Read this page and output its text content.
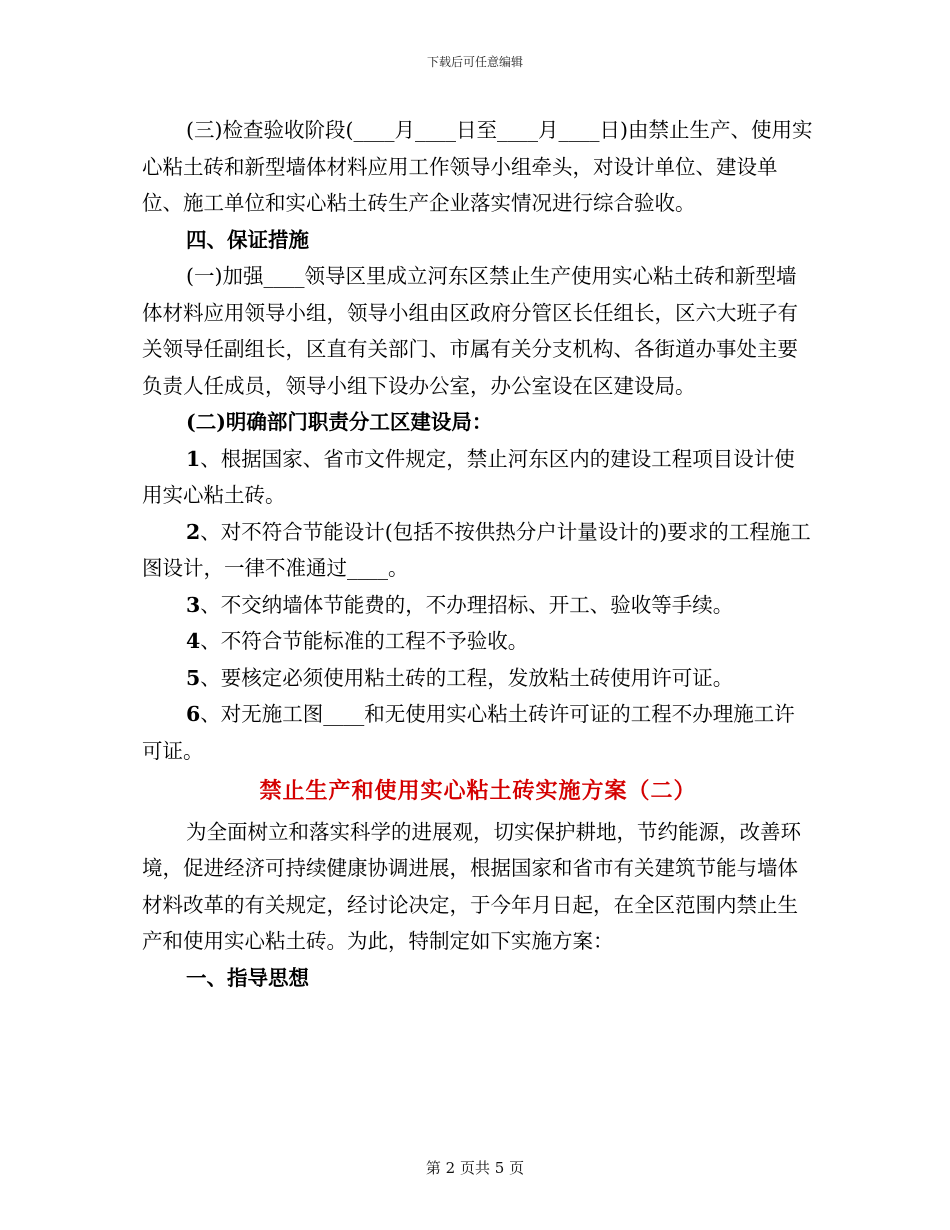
下载后可任意编辑

(三)检查验收阶段(____月____日至____月____日)由禁止生产、使用实心粘土砖和新型墙体材料应用工作领导小组牵头，对设计单位、建设单位、施工单位和实心粘土砖生产企业落实情况进行综合验收。

四、保证措施

(一)加强____领导区里成立河东区禁止生产使用实心粘土砖和新型墙体材料应用领导小组，领导小组由区政府分管区长任组长，区六大班子有关领导任副组长，区直有关部门、市属有关分支机构、各街道办事处主要负责人任成员，领导小组下设办公室，办公室设在区建设局。

(二)明确部门职责分工区建设局：

1、根据国家、省市文件规定，禁止河东区内的建设工程项目设计使用实心粘土砖。

2、对不符合节能设计(包括不按供热分户计量设计的)要求的工程施工图设计，一律不准通过____。

3、不交纳墙体节能费的，不办理招标、开工、验收等手续。

4、不符合节能标准的工程不予验收。

5、要核定必须使用粘土砖的工程，发放粘土砖使用许可证。

6、对无施工图____和无使用实心粘土砖许可证的工程不办理施工许可证。

禁止生产和使用实心粘土砖实施方案（二）

为全面树立和落实科学的进展观，切实保护耕地，节约能源，改善环境，促进经济可持续健康协调进展，根据国家和省市有关建筑节能与墙体材料改革的有关规定，经讨论决定，于今年月日起，在全区范围内禁止生产和使用实心粘土砖。为此，特制定如下实施方案：

一、指导思想

第 2 页共 5 页
